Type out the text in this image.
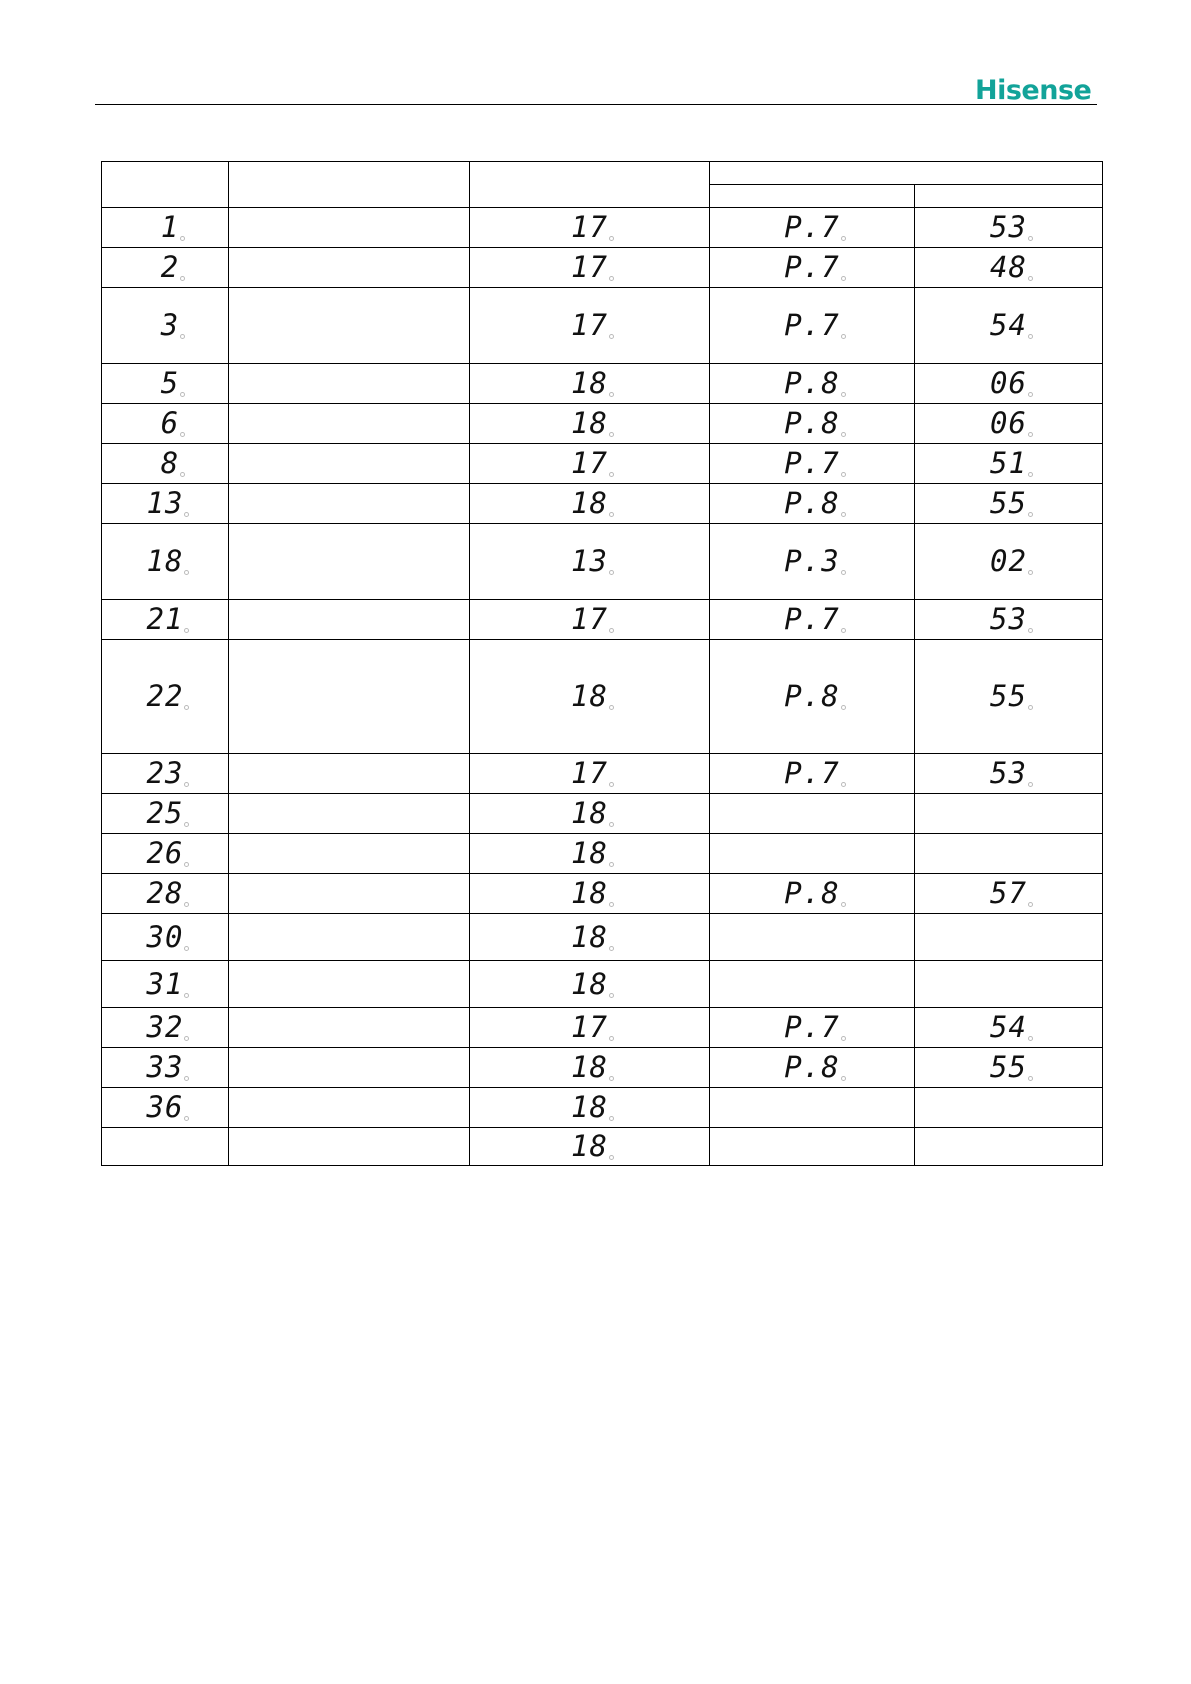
Hisense

1		17	P.7	53
2		17	P.7	48
3		17	P.7	54
5		18	P.8	06
6		18	P.8	06
8		17	P.7	51
13		18	P.8	55
18		13	P.3	02
21		17	P.7	53
22		18	P.8	55
23		17	P.7	53
25		18		
26		18		
28		18	P.8	57
30		18		
31		18		
32		17	P.7	54
33		18	P.8	55
36		18		
		18		
